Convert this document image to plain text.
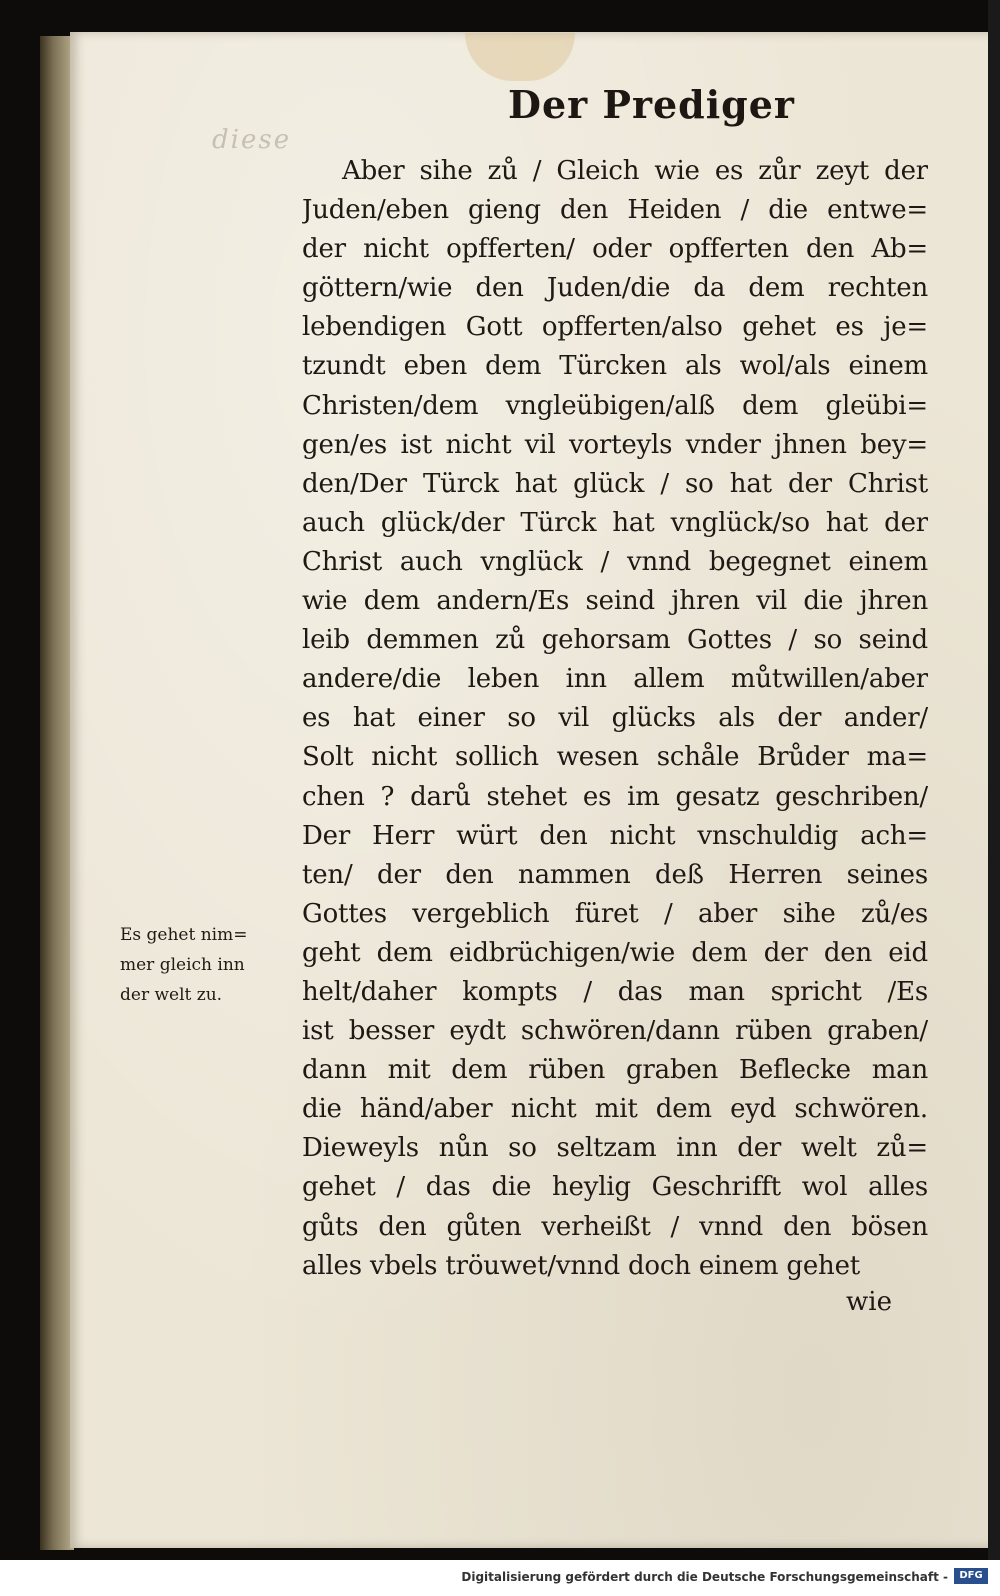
diese
Der Prediger
Aber sihe zů / Gleich wie es zůr zeyt der
Juden/eben gieng den Heiden / die entwe=
der nicht opfferten/ oder opfferten den Ab=
göttern/wie den Juden/die da dem rechten
lebendigen Gott opfferten/also gehet es je=
tzundt eben dem Türcken als wol/als einem
Christen/dem vngleübigen/alß dem gleübi=
gen/es ist nicht vil vorteyls vnder jhnen bey=
den/Der Türck hat glück / so hat der Christ
auch glück/der Türck hat vnglück/so hat der
Christ auch vnglück / vnnd begegnet einem
wie dem andern/Es seind jhren vil die jhren
leib demmen zů gehorsam Gottes / so seind
andere/die leben inn allem můtwillen/aber
es hat einer so vil glücks als der ander/
Solt nicht sollich wesen schåle Brůder ma=
chen ? darů stehet es im gesatz geschriben/
Der Herr würt den nicht vnschuldig ach=
ten/ der den nammen deß Herren seines
Gottes vergeblich füret / aber sihe zů/es
geht dem eidbrüchigen/wie dem der den eid
helt/daher kompts / das man spricht /Es
ist besser eydt schwören/dann rüben graben/
dann mit dem rüben graben Beflecke man
die händ/aber nicht mit dem eyd schwören.
Dieweyls nůn so seltzam inn der welt zů=
gehet / das die heylig Geschrifft wol alles
gůts den gůten verheißt / vnnd den bösen
alles vbels tröuwet/vnnd doch einem gehet
wie
Es gehet nim=
mer gleich inn
der welt zu.
Digitalisierung gefördert durch die Deutsche Forschungsgemeinschaft -	DFG
